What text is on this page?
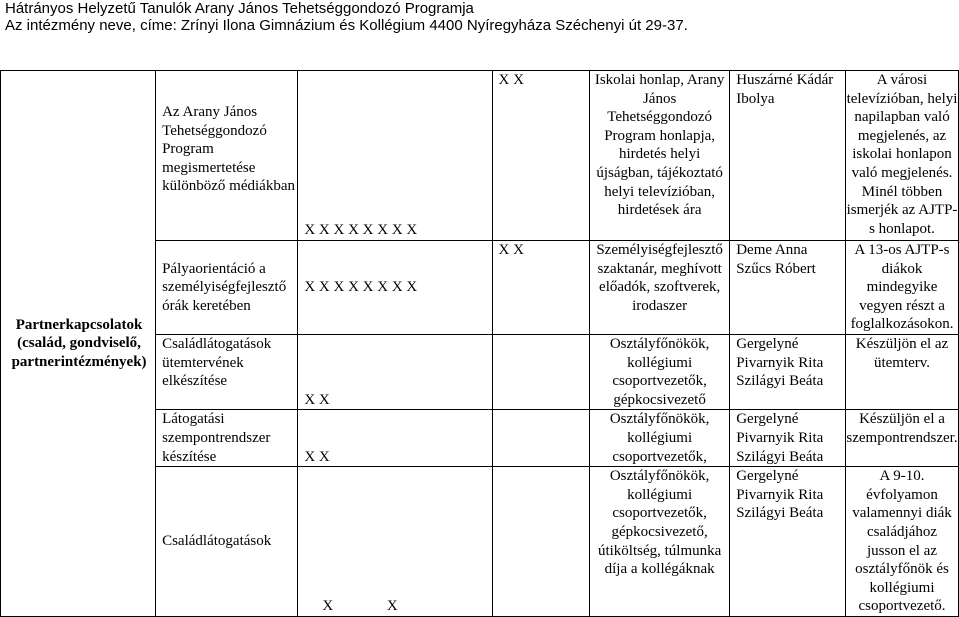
Hátrányos Helyzetű Tanulók Arany János Tehetséggondozó Programja
Az intézmény neve, címe: Zrínyi Ilona Gimnázium és Kollégium 4400 Nyíregyháza Széchenyi út 29-37.
Partnerkapcsolatok (család, gondviselő, partnerintézmények)	Az Arany János Tehetséggondozó Program megismertetése különböző médiákban	X X X X X X X X	X X	Iskolai honlap, Arany János Tehetséggondozó Program honlapja, hirdetés helyi újságban, tájékoztató helyi televízióban, hirdetések ára	Huszárné Kádár Ibolya	A városi televízióban, helyi napilapban való megjelenés, az iskolai honlapon való megjelenés. Minél többen ismerjék az AJTP-s honlapot.
	Pályaorientáció a személyiségfejlesztő órák keretében	X X X X X X X X	X X	Személyiségfejlesztő szaktanár, meghívott előadók, szoftverek, irodaszer	Deme Anna Szűcs Róbert	A 13-os AJTP-s diákok mindegyike vegyen részt a foglalkozásokon.
	Családlátogatások ütemtervének elkészítése	X X		Osztályfőnökök, kollégiumi csoportvezetők, gépkocsivezető	Gergelyné Pivarnyik Rita Szilágyi Beáta	Készüljön el az ütemterv.
	Látogatási szempontrendszer készítése	X X		Osztályfőnökök, kollégiumi csoportvezetők,	Gergelyné Pivarnyik Rita Szilágyi Beáta	Készüljön el a szempontrendszer.
	Családlátogatások	X X		Osztályfőnökök, kollégiumi csoportvezetők, gépkocsivezető, útiköltség, túlmunka díja a kollégáknak	Gergelyné Pivarnyik Rita Szilágyi Beáta	A 9-10. évfolyamon valamennyi diák családjához jusson el az osztályfőnök és kollégiumi csoportvezető.
